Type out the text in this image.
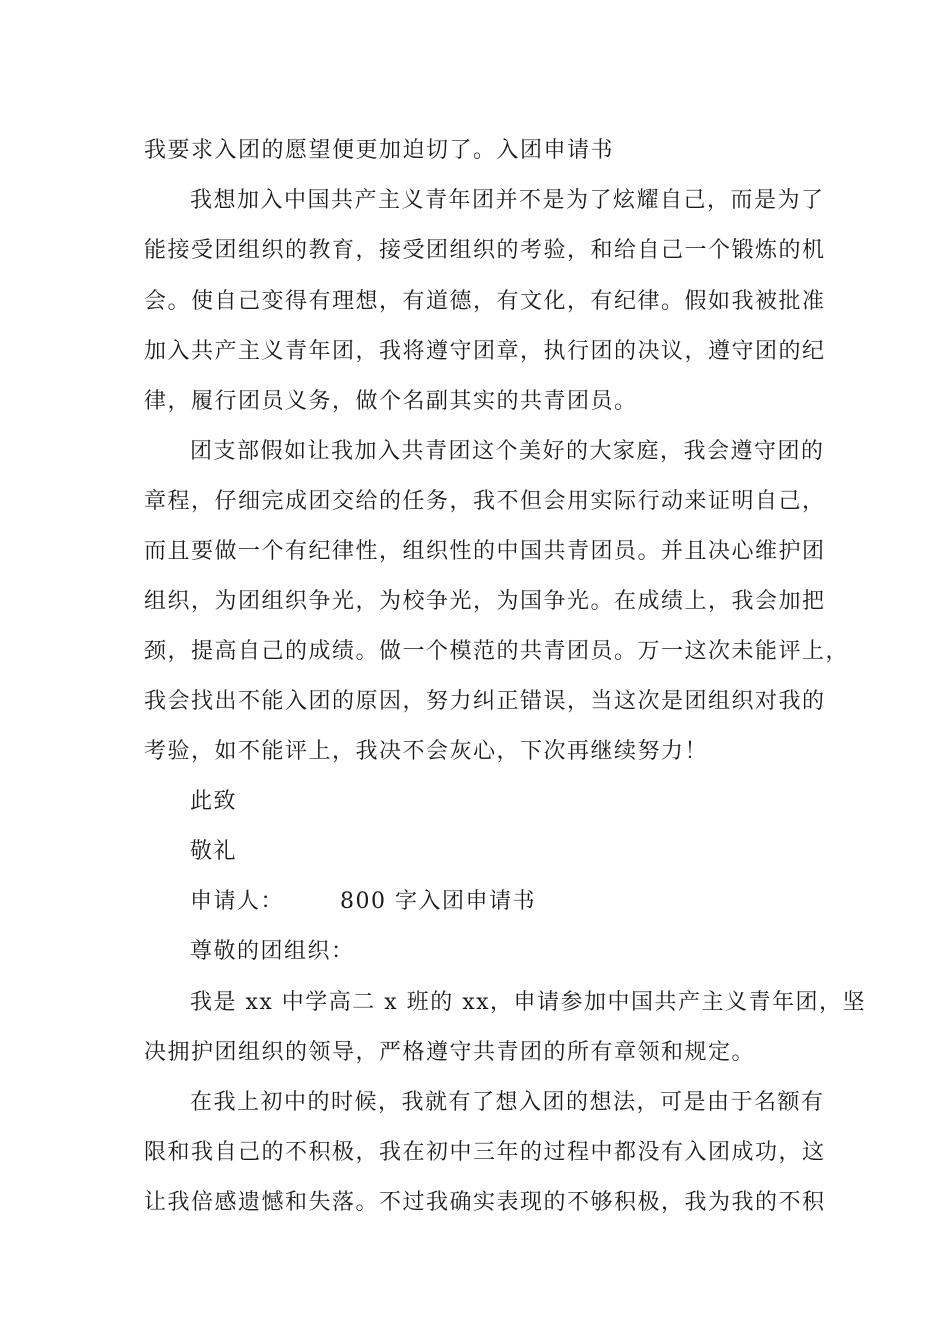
我要求入团的愿望便更加迫切了。入团申请书

我想加入中国共产主义青年团并不是为了炫耀自己，而是为了

能接受团组织的教育，接受团组织的考验，和给自己一个锻炼的机

会。使自己变得有理想，有道德，有文化，有纪律。假如我被批准

加入共产主义青年团，我将遵守团章，执行团的决议，遵守团的纪

律，履行团员义务，做个名副其实的共青团员。

团支部假如让我加入共青团这个美好的大家庭，我会遵守团的

章程，仔细完成团交给的任务，我不但会用实际行动来证明自己，

而且要做一个有纪律性，组织性的中国共青团员。并且决心维护团

组织，为团组织争光，为校争光，为国争光。在成绩上，我会加把

颈，提高自己的成绩。做一个模范的共青团员。万一这次未能评上，

我会找出不能入团的原因，努力纠正错误，当这次是团组织对我的

考验，如不能评上，我决不会灰心，下次再继续努力！

此致

敬礼

申请人：	800 字入团申请书

尊敬的团组织：

我是 xx 中学高二 x 班的 xx，申请参加中国共产主义青年团，坚

决拥护团组织的领导，严格遵守共青团的所有章领和规定。

在我上初中的时候，我就有了想入团的想法，可是由于名额有

限和我自己的不积极，我在初中三年的过程中都没有入团成功，这

让我倍感遗憾和失落。不过我确实表现的不够积极，我为我的不积
